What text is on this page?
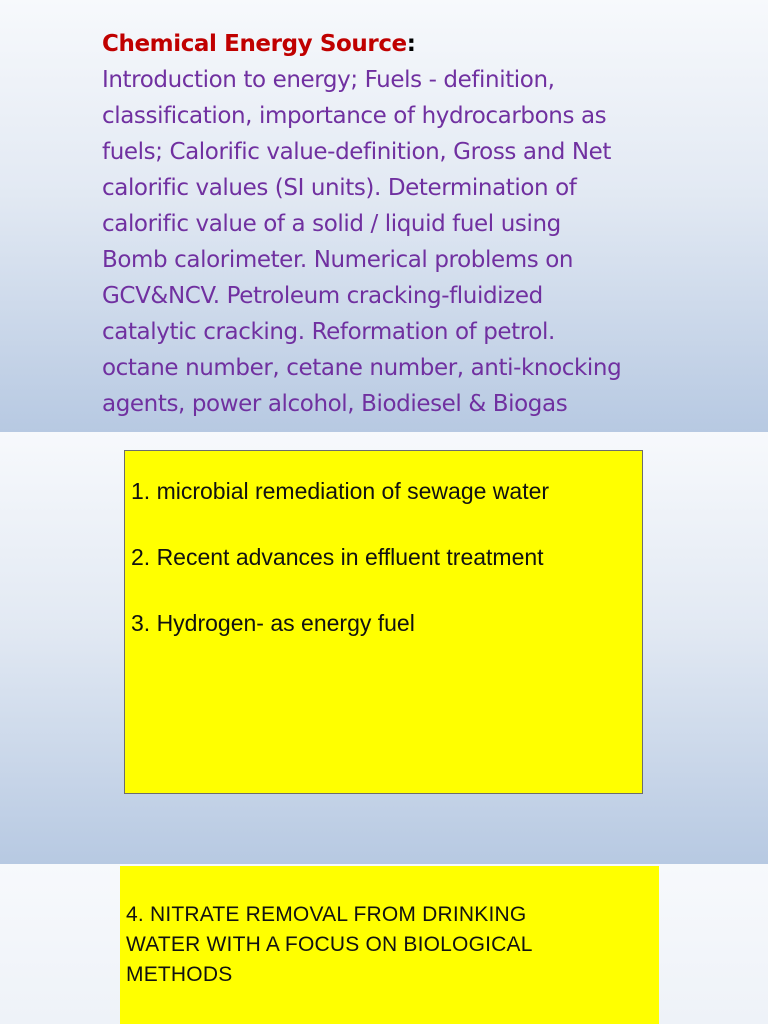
Chemical Energy Source:
Introduction to energy; Fuels - definition,
classification, importance of hydrocarbons as
fuels; Calorific value-definition, Gross and Net
calorific values (SI units). Determination of
calorific value of a solid / liquid fuel using
Bomb calorimeter. Numerical problems on
GCV&NCV. Petroleum cracking-fluidized
catalytic cracking. Reformation of petrol.
octane number, cetane number, anti-knocking
agents, power alcohol, Biodiesel & Biogas
1. microbial remediation of sewage water
2. Recent advances in effluent treatment
3. Hydrogen- as energy fuel
4. NITRATE REMOVAL FROM DRINKING
WATER WITH A FOCUS ON BIOLOGICAL
METHODS
